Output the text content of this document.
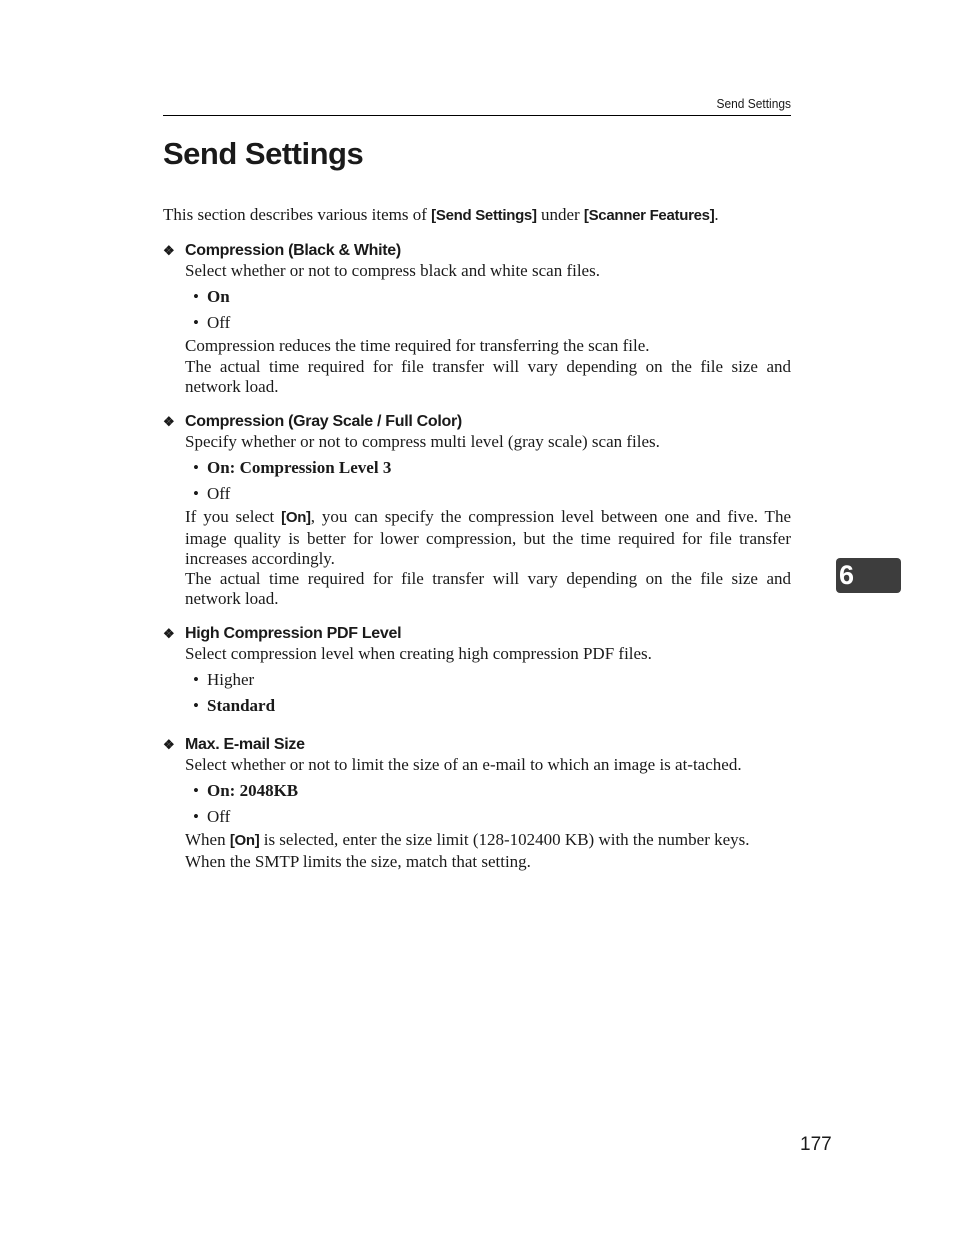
Send Settings
Send Settings

This section describes various items of [Send Settings] under [Scanner Features].

❖ Compression (Black & White)
Select whether or not to compress black and white scan files.
• On
• Off

Compression reduces the time required for transferring the scan file.

The actual time required for file transfer will vary depending on the file size and network load.

❖ Compression (Gray Scale / Full Color)
Specify whether or not to compress multi level (gray scale) scan files.
• On: Compression Level 3
• Off

If you select [On], you can specify the compression level between one and five. The image quality is better for lower compression, but the time required for file transfer increases accordingly.

The actual time required for file transfer will vary depending on the file size and network load.

❖ High Compression PDF Level
Select compression level when creating high compression PDF files.
• Higher
• Standard
❖ Max. E-mail Size
Select whether or not to limit the size of an e-mail to which an image is at-tached.
• On: 2048KB
• Off

When [On] is selected, enter the size limit (128-102400 KB) with the number keys.

When the SMTP limits the size, match that setting.

6
177
